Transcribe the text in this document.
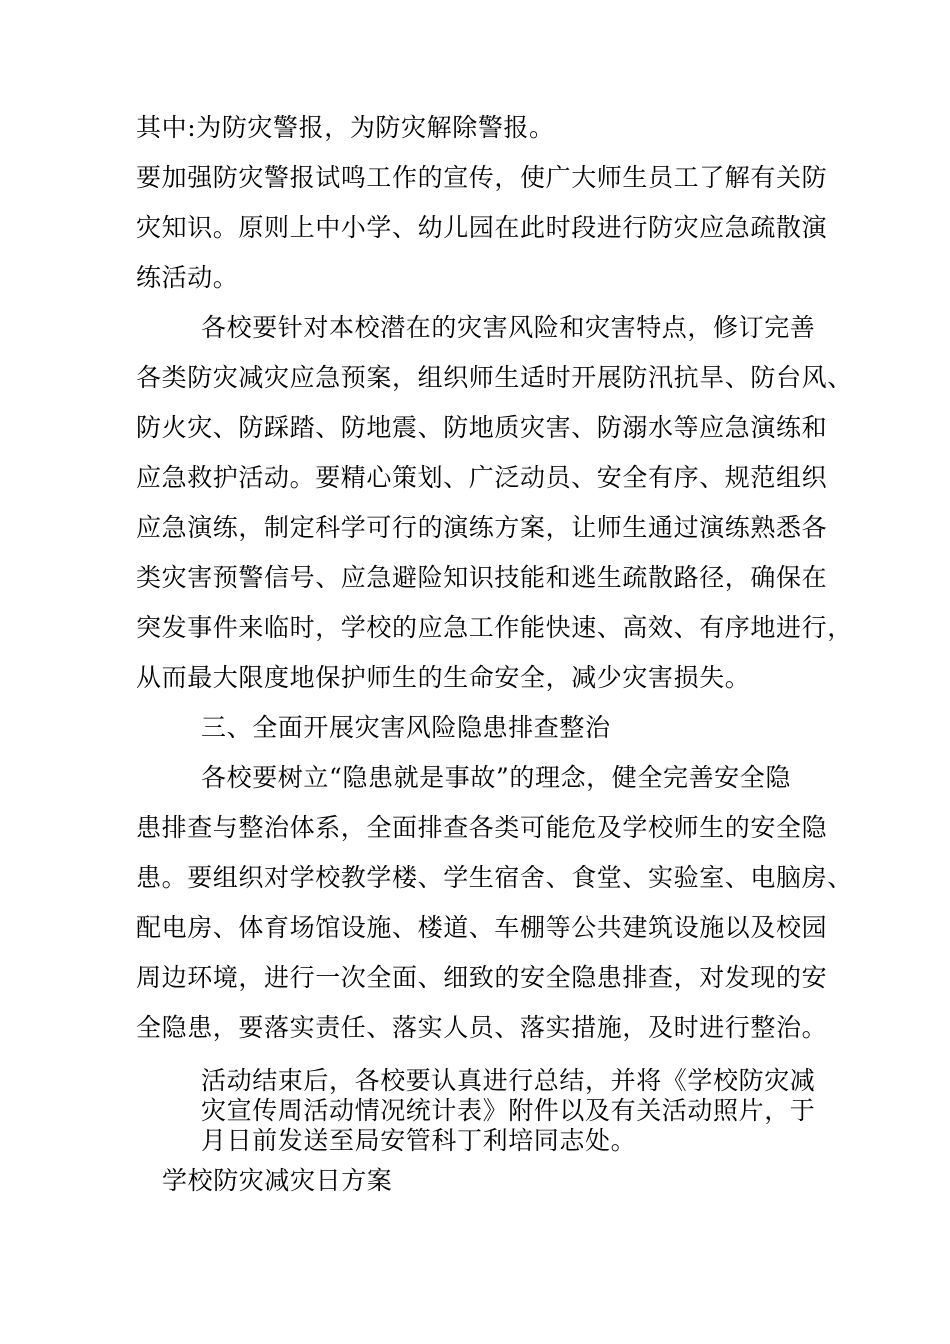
其中:为防灾警报，为防灾解除警报。

要加强防灾警报试鸣工作的宣传，使广大师生员工了解有关防

灾知识。原则上中小学、幼儿园在此时段进行防灾应急疏散演

练活动。

各校要针对本校潜在的灾害风险和灾害特点，修订完善

各类防灾减灾应急预案，组织师生适时开展防汛抗旱、防台风、

防火灾、防踩踏、防地震、防地质灾害、防溺水等应急演练和

应急救护活动。要精心策划、广泛动员、安全有序、规范组织

应急演练，制定科学可行的演练方案，让师生通过演练熟悉各

类灾害预警信号、应急避险知识技能和逃生疏散路径，确保在

突发事件来临时，学校的应急工作能快速、高效、有序地进行，

从而最大限度地保护师生的生命安全，减少灾害损失。

三、全面开展灾害风险隐患排查整治

各校要树立“隐患就是事故”的理念，健全完善安全隐

患排查与整治体系，全面排查各类可能危及学校师生的安全隐

患。要组织对学校教学楼、学生宿舍、食堂、实验室、电脑房、

配电房、体育场馆设施、楼道、车棚等公共建筑设施以及校园

周边环境，进行一次全面、细致的安全隐患排查，对发现的安

全隐患，要落实责任、落实人员、落实措施，及时进行整治。

活动结束后，各校要认真进行总结，并将《学校防灾减

灾宣传周活动情况统计表》附件以及有关活动照片，于

月日前发送至局安管科丁利培同志处。

学校防灾减灾日方案
